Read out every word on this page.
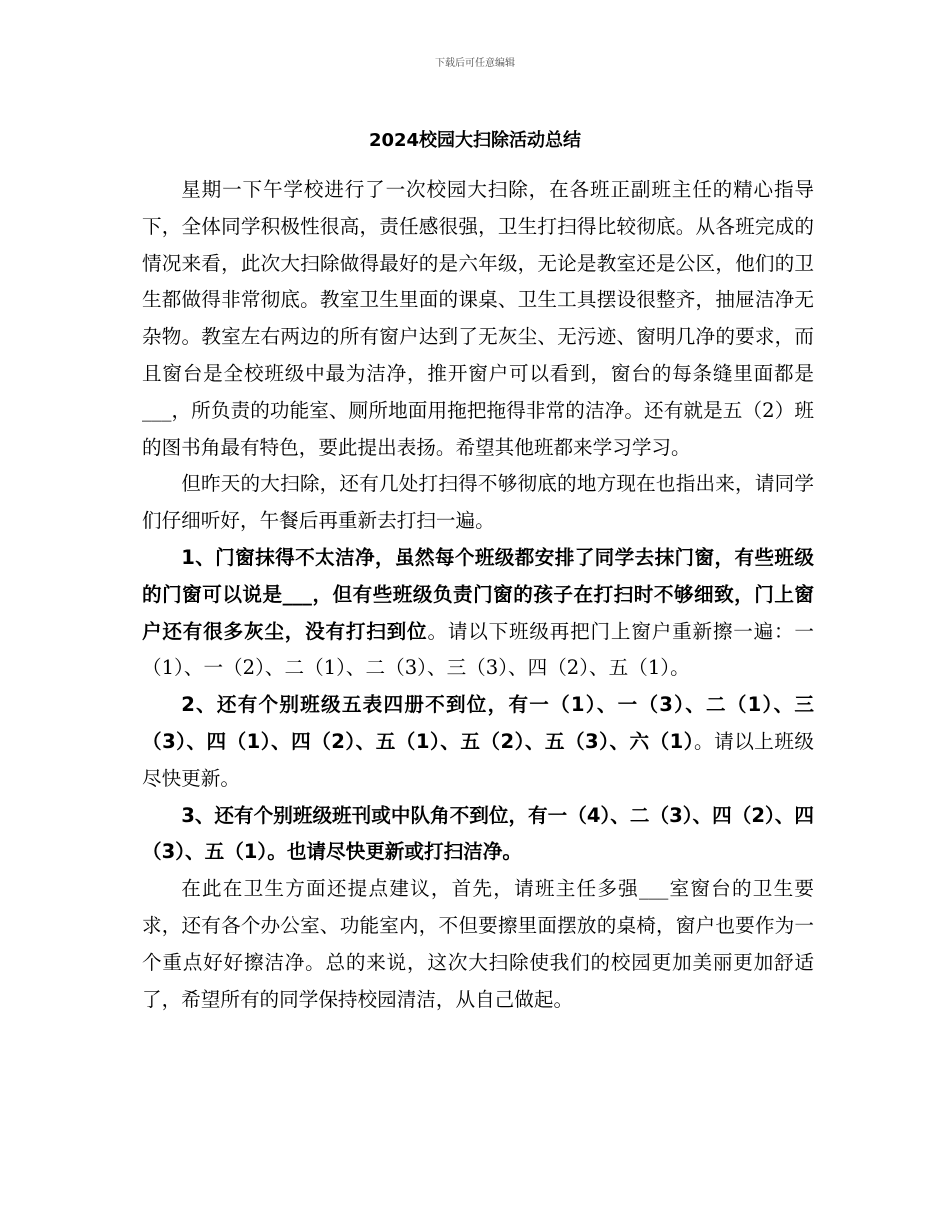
下载后可任意编辑
2024校园大扫除活动总结

星期一下午学校进行了一次校园大扫除，在各班正副班主任的精心指导下，全体同学积极性很高，责任感很强，卫生打扫得比较彻底。从各班完成的情况来看，此次大扫除做得最好的是六年级，无论是教室还是公区，他们的卫生都做得非常彻底。教室卫生里面的课桌、卫生工具摆设很整齐，抽屉洁净无杂物。教室左右两边的所有窗户达到了无灰尘、无污迹、窗明几净的要求，而且窗台是全校班级中最为洁净，推开窗户可以看到，窗台的每条缝里面都是___，所负责的功能室、厕所地面用拖把拖得非常的洁净。还有就是五（2）班的图书角最有特色，要此提出表扬。希望其他班都来学习学习。

但昨天的大扫除，还有几处打扫得不够彻底的地方现在也指出来，请同学们仔细听好，午餐后再重新去打扫一遍。

1、门窗抹得不太洁净，虽然每个班级都安排了同学去抹门窗，有些班级的门窗可以说是___，但有些班级负责门窗的孩子在打扫时不够细致，门上窗户还有很多灰尘，没有打扫到位。请以下班级再把门上窗户重新擦一遍：一（1）、一（2）、二（1）、二（3）、三（3）、四（2）、五（1）。

2、还有个别班级五表四册不到位，有一（1）、一（3）、二（1）、三（3）、四（1）、四（2）、五（1）、五（2）、五（3）、六（1）。请以上班级尽快更新。

3、还有个别班级班刊或中队角不到位，有一（4）、二（3）、四（2）、四（3）、五（1）。也请尽快更新或打扫洁净。

在此在卫生方面还提点建议，首先，请班主任多强___室窗台的卫生要求，还有各个办公室、功能室内，不但要擦里面摆放的桌椅，窗户也要作为一个重点好好擦洁净。总的来说，这次大扫除使我们的校园更加美丽更加舒适了，希望所有的同学保持校园清洁，从自己做起。
